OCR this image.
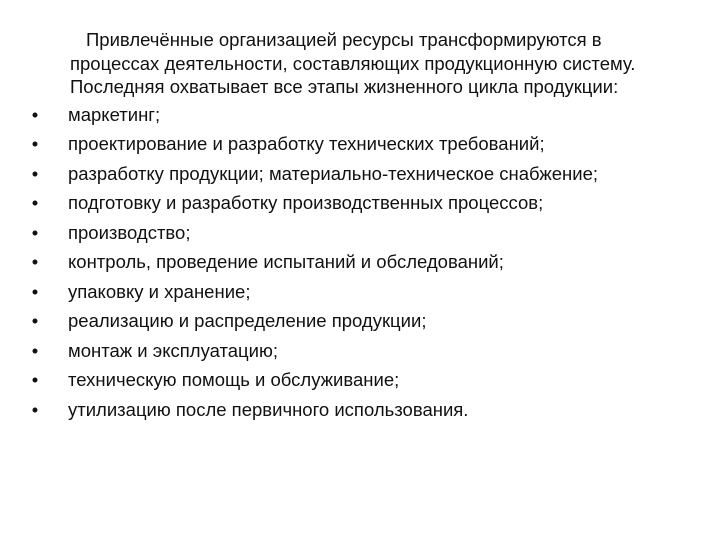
Привлечённые организацией ресурсы трансформируются в процессах деятельности, составляющих продукционную систему. Последняя охватывает все этапы жизненного цикла продукции:

• маркетинг;
• проектирование и разработку технических требований;
• разработку продукции; материально-техническое снабжение;
• подготовку и разработку производственных процессов;
• производство;
• контроль, проведение испытаний и обследований;
• упаковку и хранение;
• реализацию и распределение продукции;
• монтаж и эксплуатацию;
• техническую помощь и обслуживание;
• утилизацию после первичного использования.
